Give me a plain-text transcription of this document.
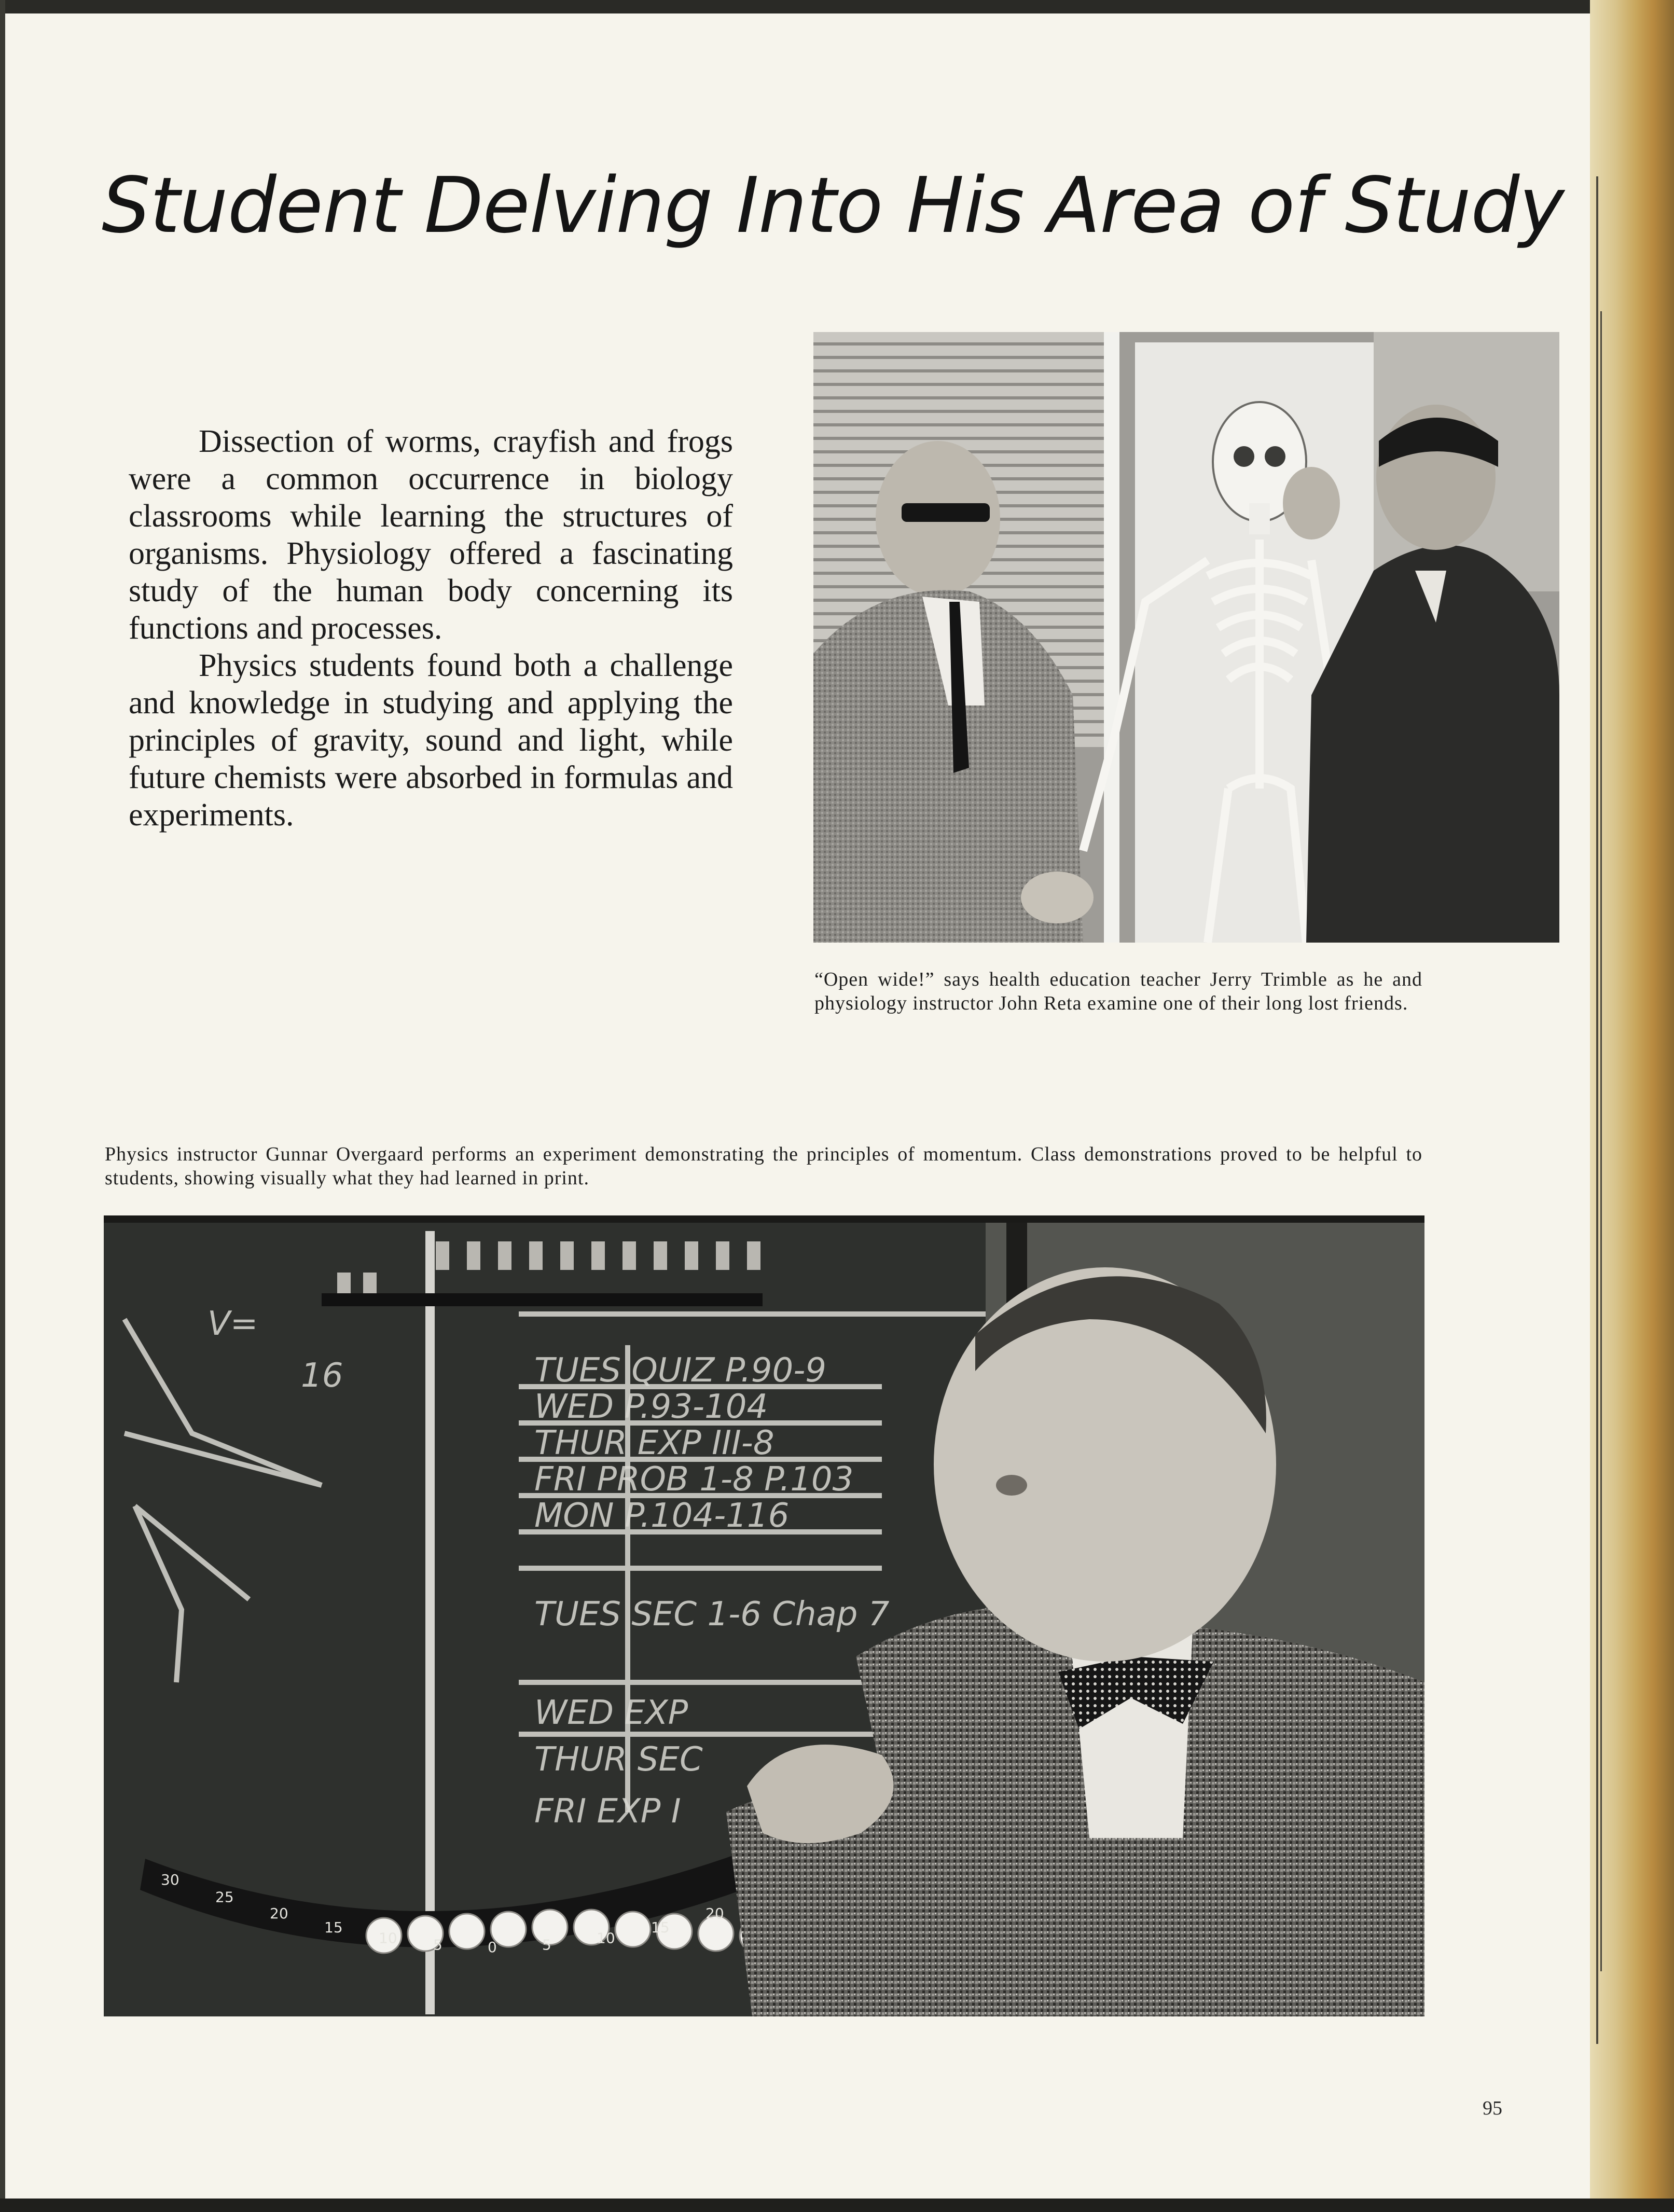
Student Delving Into His Area of Study

Dissection of worms, crayfish and frogs were a common occurrence in biology classrooms while learning the structures of organisms. Physiology offered a fascinating study of the human body concerning its functions and processes.

Physics students found both a challenge and knowledge in studying and applying the principles of gravity, sound and light, while future chemists were absorbed in formulas and experiments.

“Open wide!” says health education teacher Jerry Trimble as he and physiology instructor John Reta examine one of their long lost friends.
Physics instructor Gunnar Overgaard performs an experiment demonstrating the principles of momentum. Class demonstrations proved to be helpful to students, showing visually what they had learned in print.
V=
16	TUES QUIZ P.90-9
WED P.93-104
THUR EXP III-8
FRI PROB 1-8 P.103
MON P.104-116
TUES SEC 1-6 Chap 7
WED EXP
THUR SEC
FRI EXP I
30
25
20
15
10 5	0	5	10
15
20
95
